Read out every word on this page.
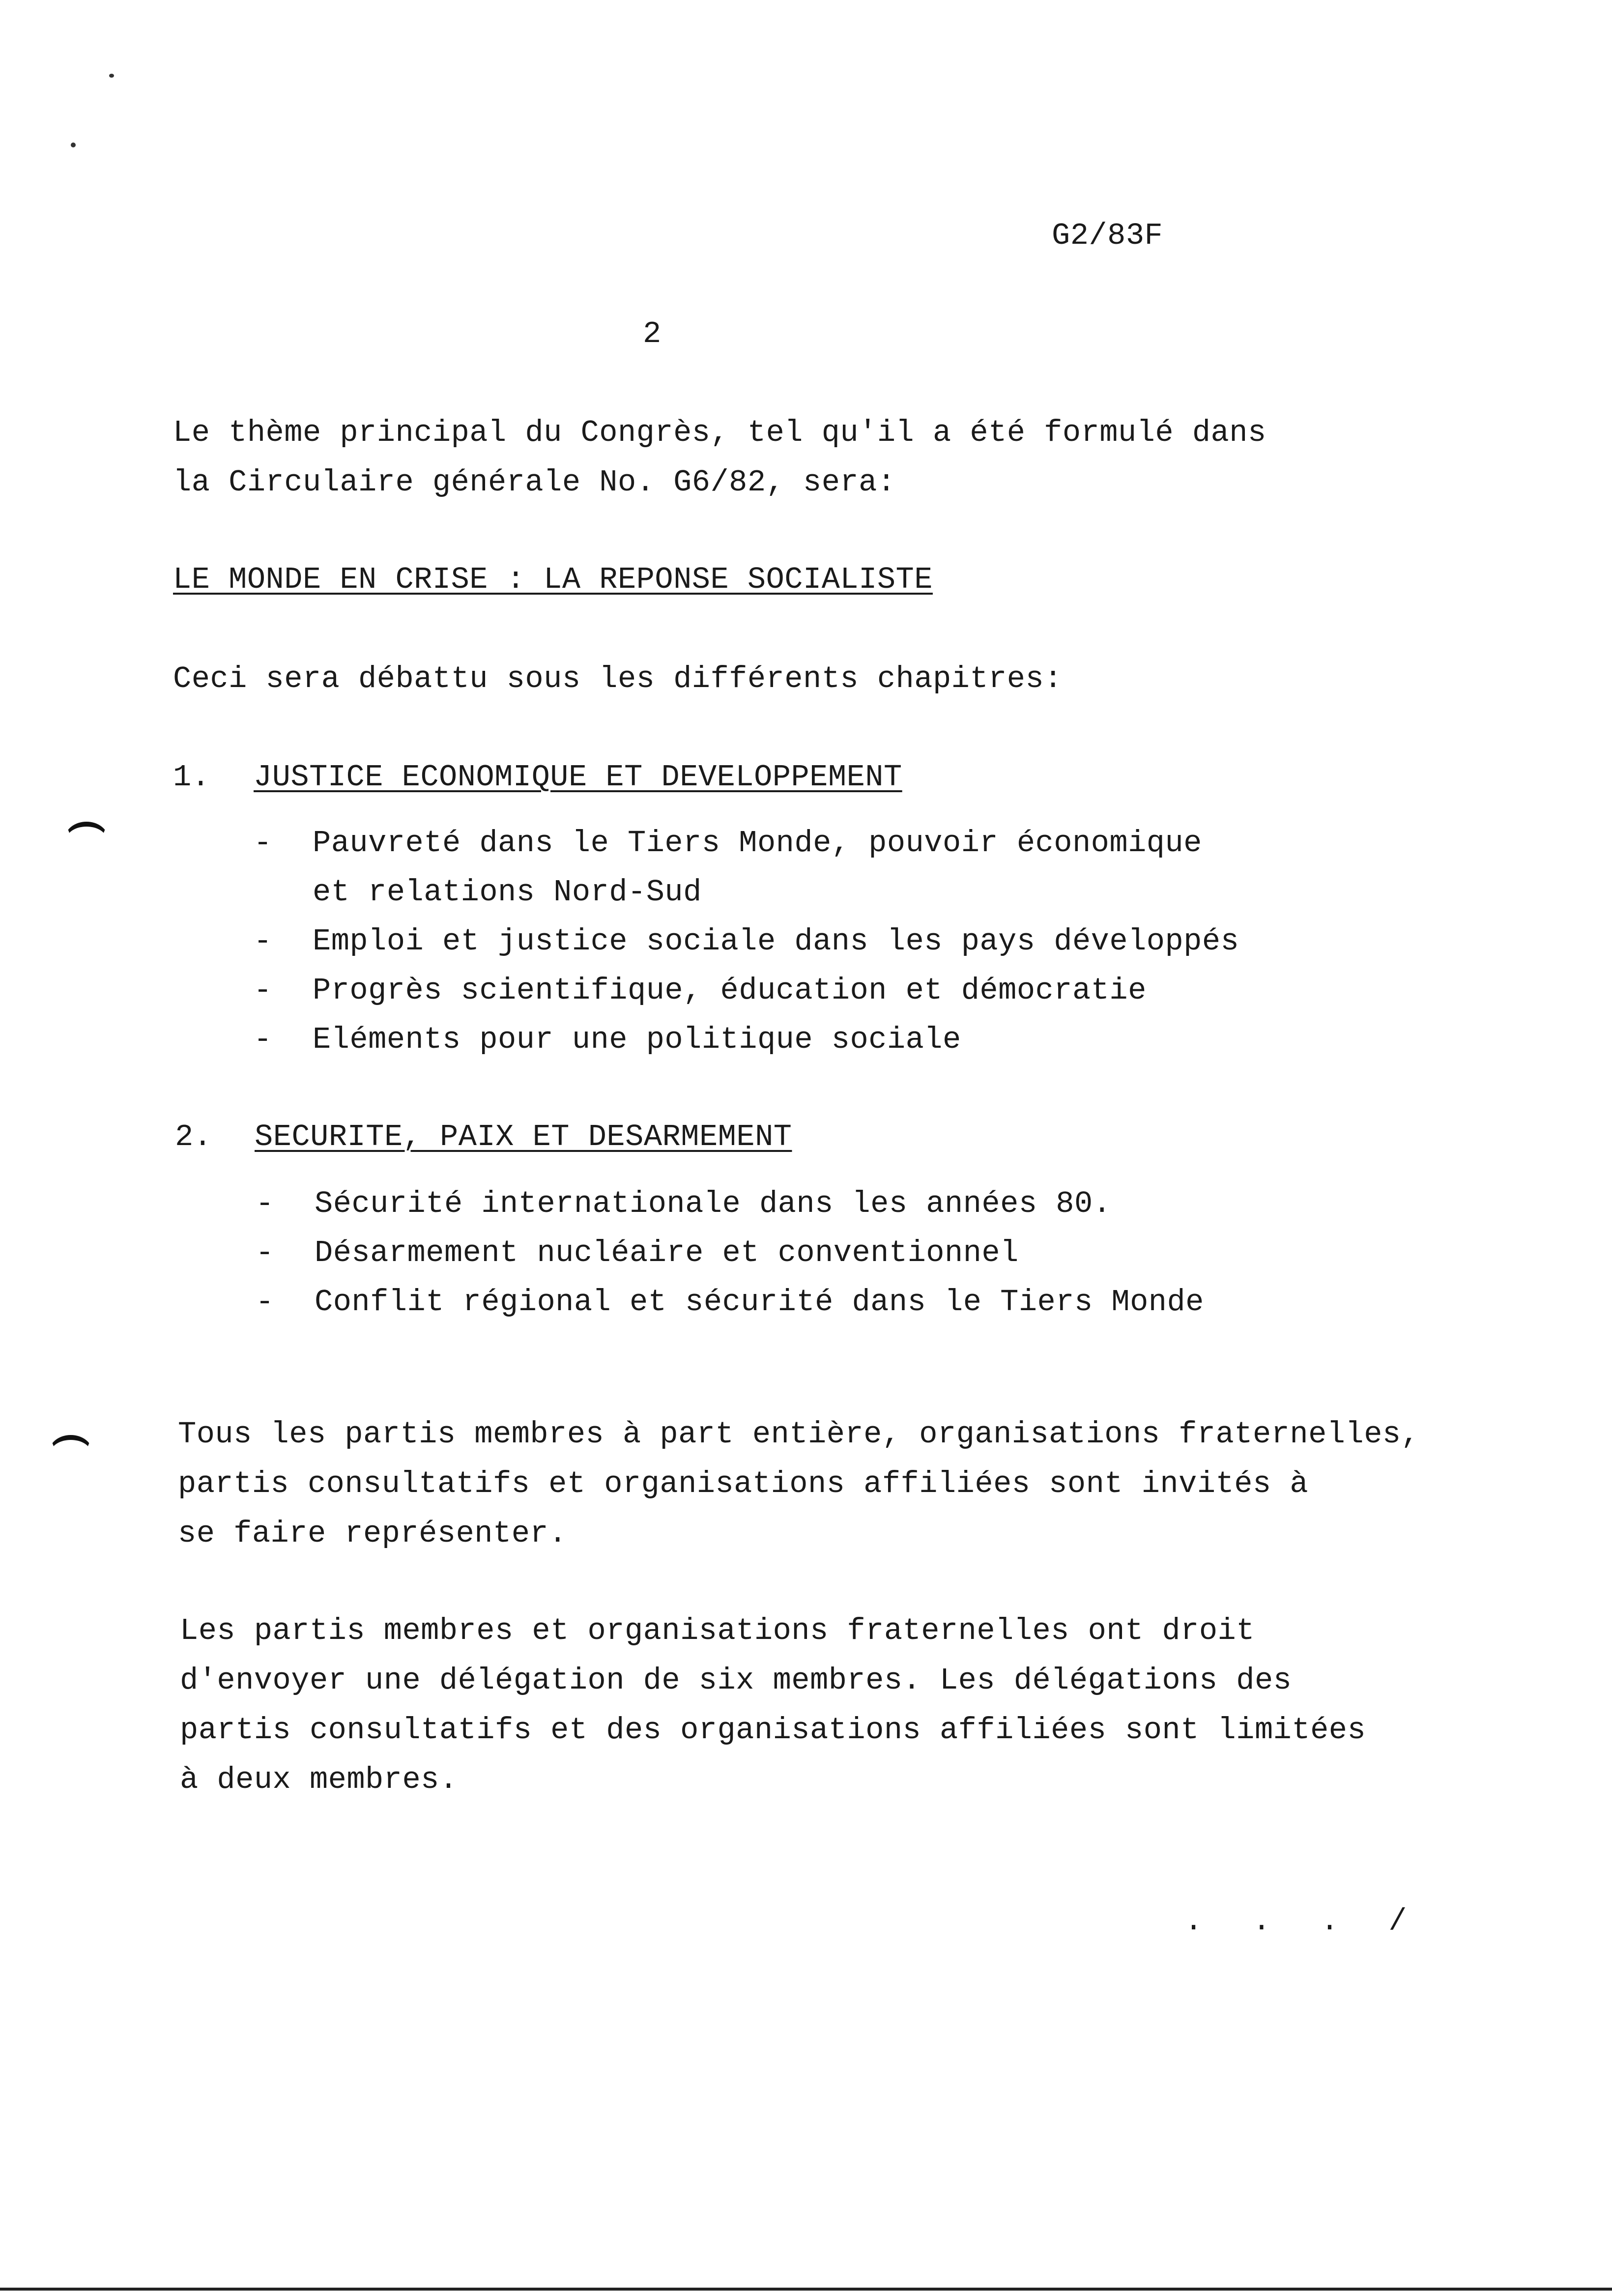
G2/83F
2
Le thème principal du Congrès, tel qu'il a été formulé dans
la Circulaire générale No. G6/82, sera:
LE MONDE EN CRISE : LA REPONSE SOCIALISTE
Ceci sera débattu sous les différents chapitres:
1. JUSTICE ECONOMIQUE ET DEVELOPPEMENT
- Pauvreté dans le Tiers Monde, pouvoir économique
et relations Nord-Sud
- Emploi et justice sociale dans les pays développés
- Progrès scientifique, éducation et démocratie
- Eléments pour une politique sociale
2. SECURITE, PAIX ET DESARMEMENT
- Sécurité internationale dans les années 80.
- Désarmement nucléaire et conventionnel
- Conflit régional et sécurité dans le Tiers Monde
Tous les partis membres à part entière, organisations fraternelles,
partis consultatifs et organisations affiliées sont invités à
se faire représenter.
Les partis membres et organisations fraternelles ont droit
d'envoyer une délégation de six membres. Les délégations des
partis consultatifs et des organisations affiliées sont limitées
à deux membres.
. . . /
